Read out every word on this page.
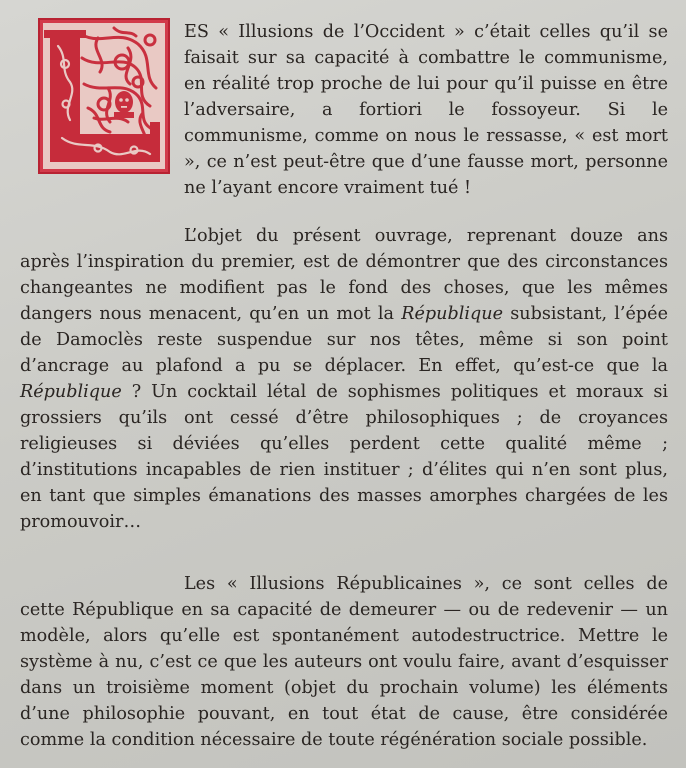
ES « Illusions de l’Occident » c’était celles qu’il se faisait sur sa capacité à combattre le communisme, en réalité trop proche de lui pour qu’il puisse en être l’adversaire, a fortiori le fossoyeur. Si le communisme, comme on nous le ressasse, « est mort », ce n’est peut-être que d’une fausse mort, personne ne l’ayant encore vraiment tué !

L’objet du présent ouvrage, reprenant douze ans après l’inspiration du premier, est de démontrer que des circonstances changeantes ne modifient pas le fond des choses, que les mêmes dangers nous menacent, qu’en un mot la République subsistant, l’épée de Damoclès reste suspendue sur nos têtes, même si son point d’ancrage au plafond a pu se déplacer. En effet, qu’est-ce que la République ? Un cocktail létal de sophismes politiques et moraux si grossiers qu’ils ont cessé d’être philosophiques ; de croyances religieuses si déviées qu’elles perdent cette qualité même ; d’institutions incapables de rien instituer ; d’élites qui n’en sont plus, en tant que simples émanations des masses amorphes chargées de les promouvoir…

Les « Illusions Républicaines », ce sont celles de cette République en sa capacité de demeurer — ou de redevenir — un modèle, alors qu’elle est spontanément autodestructrice. Mettre le système à nu, c’est ce que les auteurs ont voulu faire, avant d’esquisser dans un troisième moment (objet du prochain volume) les éléments d’une philosophie pouvant, en tout état de cause, être considérée comme la condition nécessaire de toute régénération sociale possible.
